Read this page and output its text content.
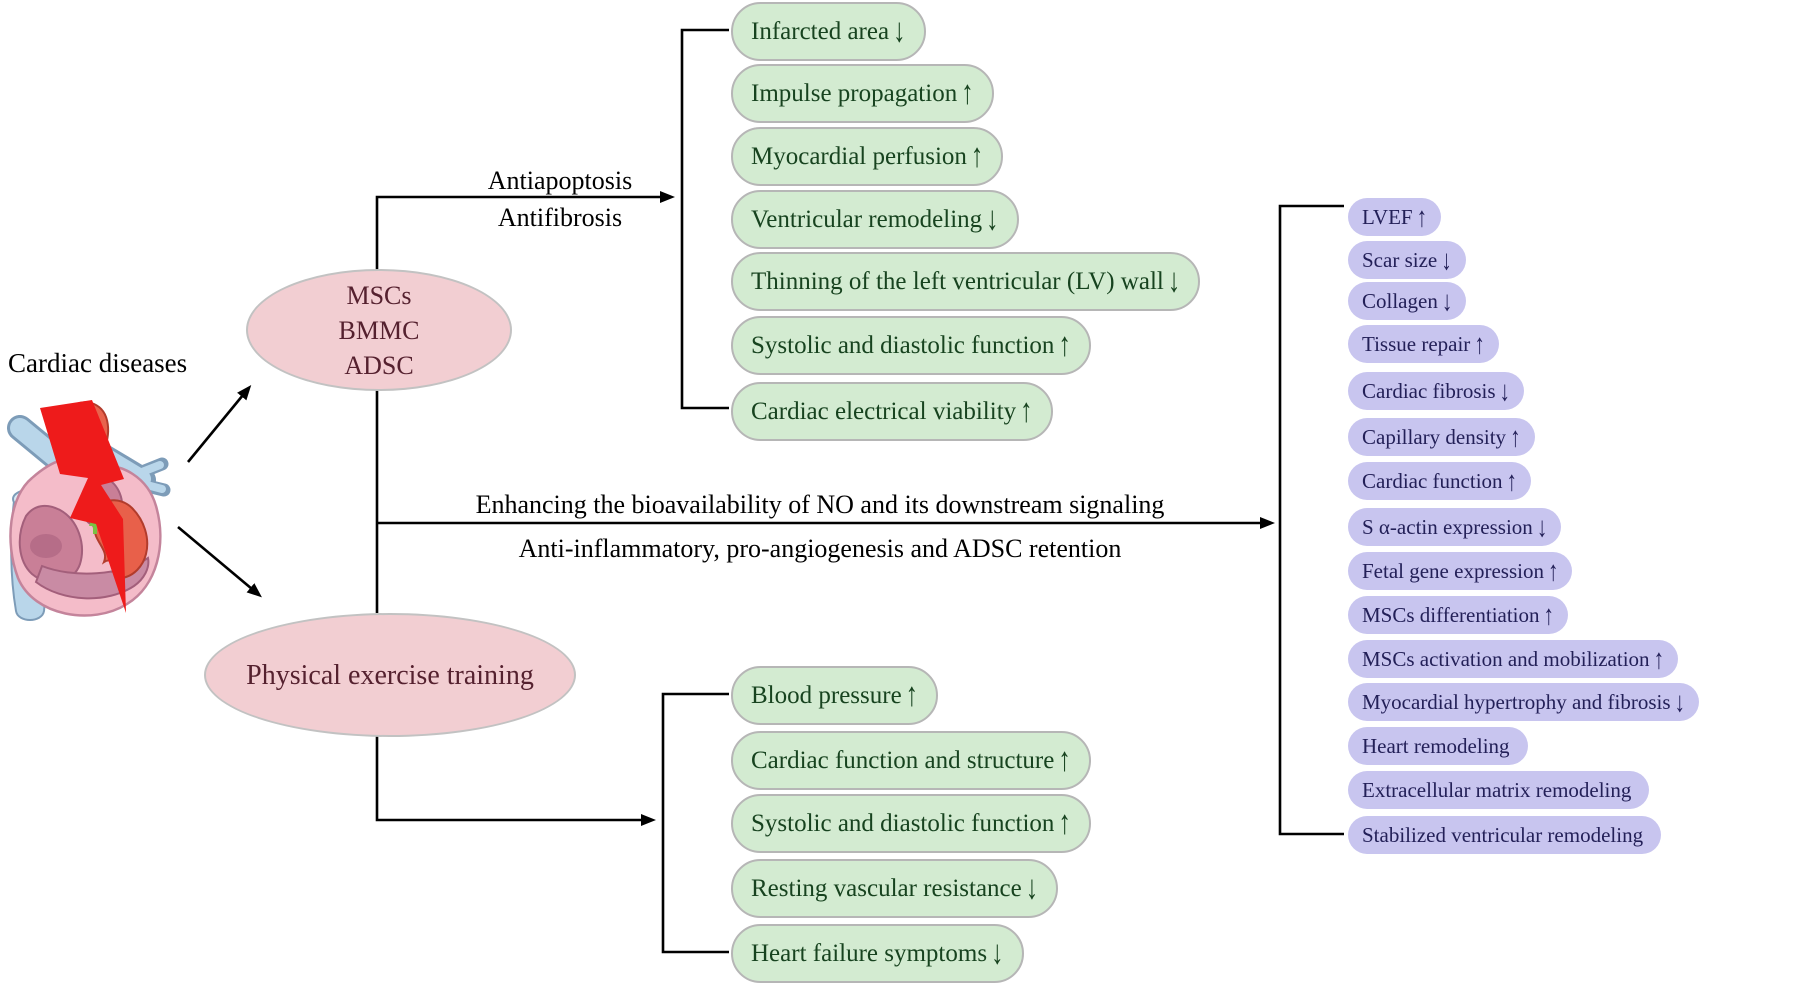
Cardiac diseases
MSCs
BMMC
ADSC
Physical exercise training
Antiapoptosis
Antifibrosis
Enhancing the bioavailability of NO and its downstream signaling
Anti-inflammatory, pro-angiogenesis and ADSC retention
Infarcted area ↓
Impulse propagation ↑
Myocardial perfusion ↑
Ventricular remodeling ↓
Thinning of the left ventricular (LV) wall ↓
Systolic and diastolic function ↑
Cardiac electrical viability ↑
Blood pressure ↑
Cardiac function and structure ↑
Systolic and diastolic function ↑
Resting vascular resistance ↓
Heart failure symptoms ↓
LVEF ↑
Scar size ↓
Collagen ↓
Tissue repair ↑
Cardiac fibrosis ↓
Capillary density ↑
Cardiac function ↑
S α-actin expression ↓
Fetal gene expression ↑
MSCs differentiation ↑
MSCs activation and mobilization ↑
Myocardial hypertrophy and fibrosis ↓
Heart remodeling
Extracellular matrix remodeling
Stabilized ventricular remodeling
